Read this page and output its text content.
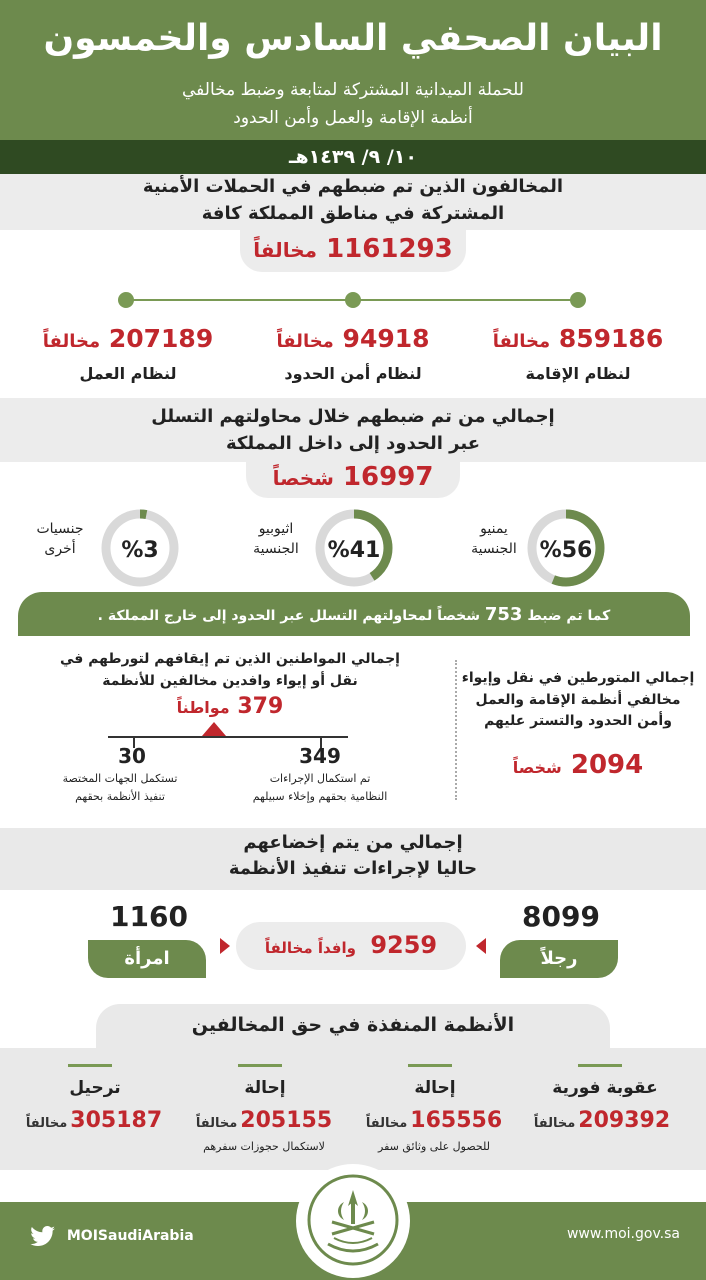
البيان الصحفي السادس والخمسون
للحملة الميدانية المشتركة لمتابعة وضبط مخالفي
أنظمة الإقامة والعمل وأمن الحدود
١٠/ ٩/ ١٤٣٩هـ
المخالفون الذين تم ضبطهم في الحملات الأمنية
المشتركة في مناطق المملكة كافة
1161293 مخالفاً
859186 مخالفاً
لنظام الإقامة
94918 مخالفاً
لنظام أمن الحدود
207189 مخالفاً
لنظام العمل
إجمالي من تم ضبطهم خلال محاولتهم التسلل
عبر الحدود إلى داخل المملكة
16997 شخصاً
%56
يمنيو
الجنسية
%41
اثيوبيو
الجنسية
%3
جنسيات
أخرى
كما تم ضبط 753 شخصاً لمحاولتهم التسلل عبر الحدود إلى خارج المملكة .
إجمالي المتورطين في نقل وإيواء
مخالفي أنظمة الإقامة والعمل
وأمن الحدود والتستر عليهم
2094 شخصاً
إجمالي المواطنين الذين تم إيقافهم لتورطهم في
نقل أو إيواء وافدين مخالفين للأنظمة
379 مواطناً
349
30
تم استكمال الإجراءات
النظامية بحقهم وإخلاء سبيلهم
تستكمل الجهات المختصة
تنفيذ الأنظمة بحقهم
إجمالي من يتم إخضاعهم
حاليا لإجراءات تنفيذ الأنظمة
8099
رجلاً
1160
امرأة	9259 وافداً مخالفاً
الأنظمة المنفذة في حق المخالفين
عقوبة فورية
209392مخالفاً
إحالة
165556مخالفاً
للحصول على وثائق سفر
إحالة
205155مخالفاً
لاستكمال حجوزات سفرهم
ترحيل
305187مخالفاً
MOISaudiArabia	www.moi.gov.sa
